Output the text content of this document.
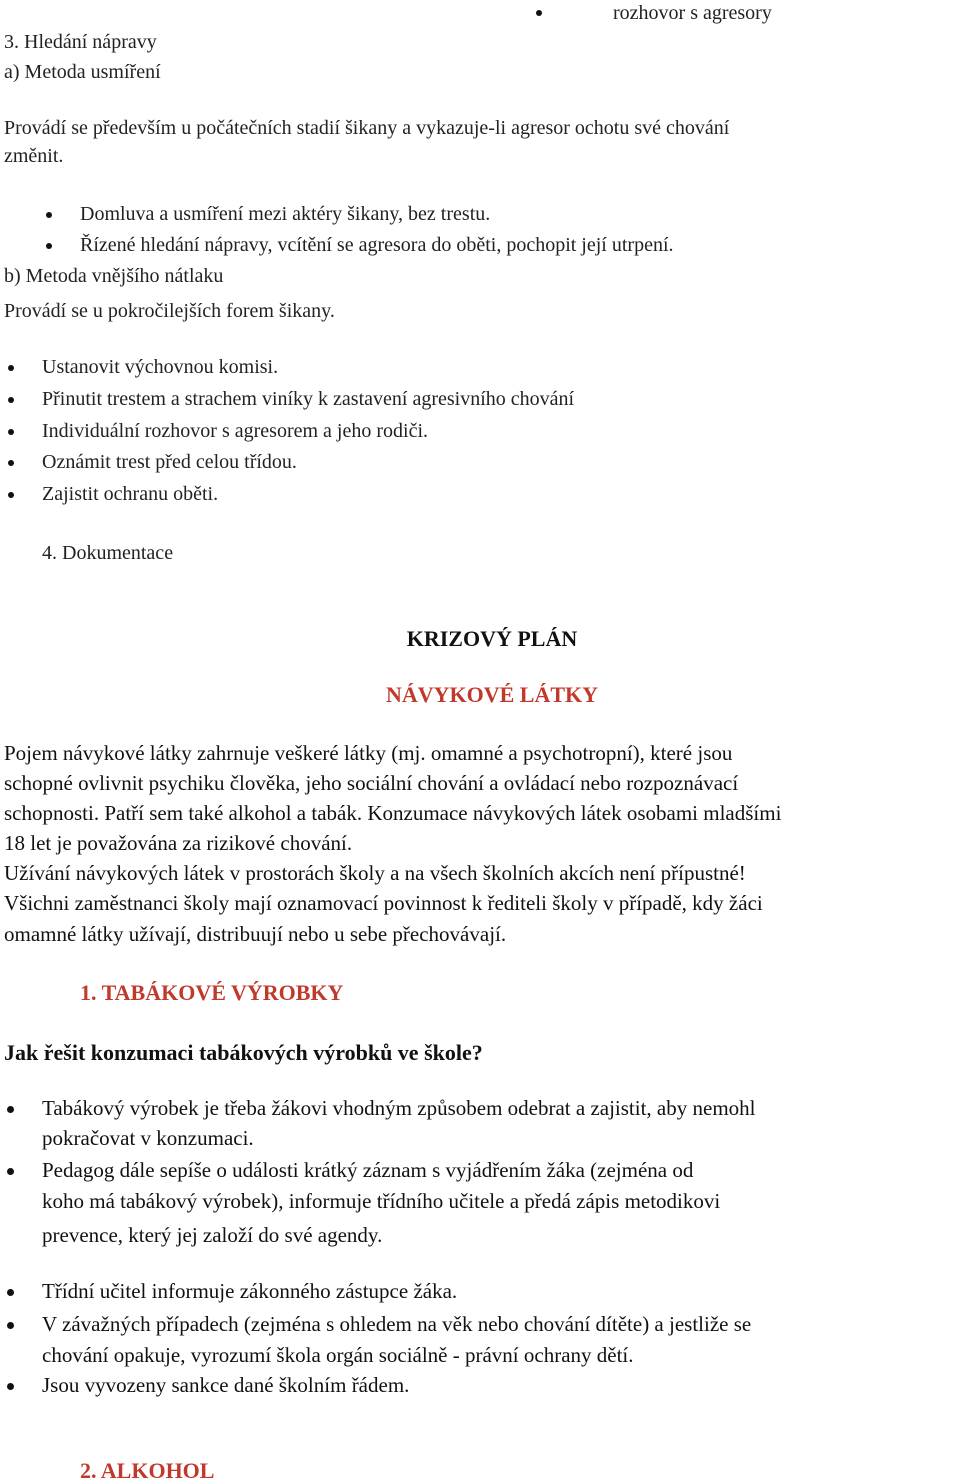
3. Hledání nápravy

a) Metoda usmíření

rozhovor s agresory

Provádí se především u počátečních stadií šikany a vykazuje-li agresor ochotu své chování

změnit.

Domluva a usmíření mezi aktéry šikany, bez trestu.

Řízené hledání nápravy, vcítění se agresora do oběti, pochopit její utrpení.

b) Metoda vnějšího nátlaku

Provádí se u pokročilejších forem šikany.

Ustanovit výchovnou komisi.

Přinutit trestem a strachem viníky k zastavení agresivního chování

Individuální rozhovor s agresorem a jeho rodiči.

Oznámit trest před celou třídou.

Zajistit ochranu oběti.

4. Dokumentace

KRIZOVÝ PLÁN

NÁVYKOVÉ LÁTKY

Pojem návykové látky zahrnuje veškeré látky (mj. omamné a psychotropní), které jsou

schopné ovlivnit psychiku člověka, jeho sociální chování a ovládací nebo rozpoznávací

schopnosti. Patří sem také alkohol a tabák. Konzumace návykových látek osobami mladšími

18 let je považována za rizikové chování.

Užívání návykových látek v prostorách školy a na všech školních akcích není přípustné!

Všichni zaměstnanci školy mají oznamovací povinnost k řediteli školy v případě, kdy žáci

omamné látky užívají, distribuují nebo u sebe přechovávají.

1. TABÁKOVÉ VÝROBKY

Jak řešit konzumaci tabákových výrobků ve škole?

Tabákový výrobek je třeba žákovi vhodným způsobem odebrat a zajistit, aby nemohl

pokračovat v konzumaci.

Pedagog dále sepíše o události krátký záznam s vyjádřením žáka (zejména od

koho má tabákový výrobek), informuje třídního učitele a předá zápis metodikovi

prevence, který jej založí do své agendy.

Třídní učitel informuje zákonného zástupce žáka.

V závažných případech (zejména s ohledem na věk nebo chování dítěte) a jestliže se

chování opakuje, vyrozumí škola orgán sociálně - právní ochrany dětí.

Jsou vyvozeny sankce dané školním řádem.

2. ALKOHOL
